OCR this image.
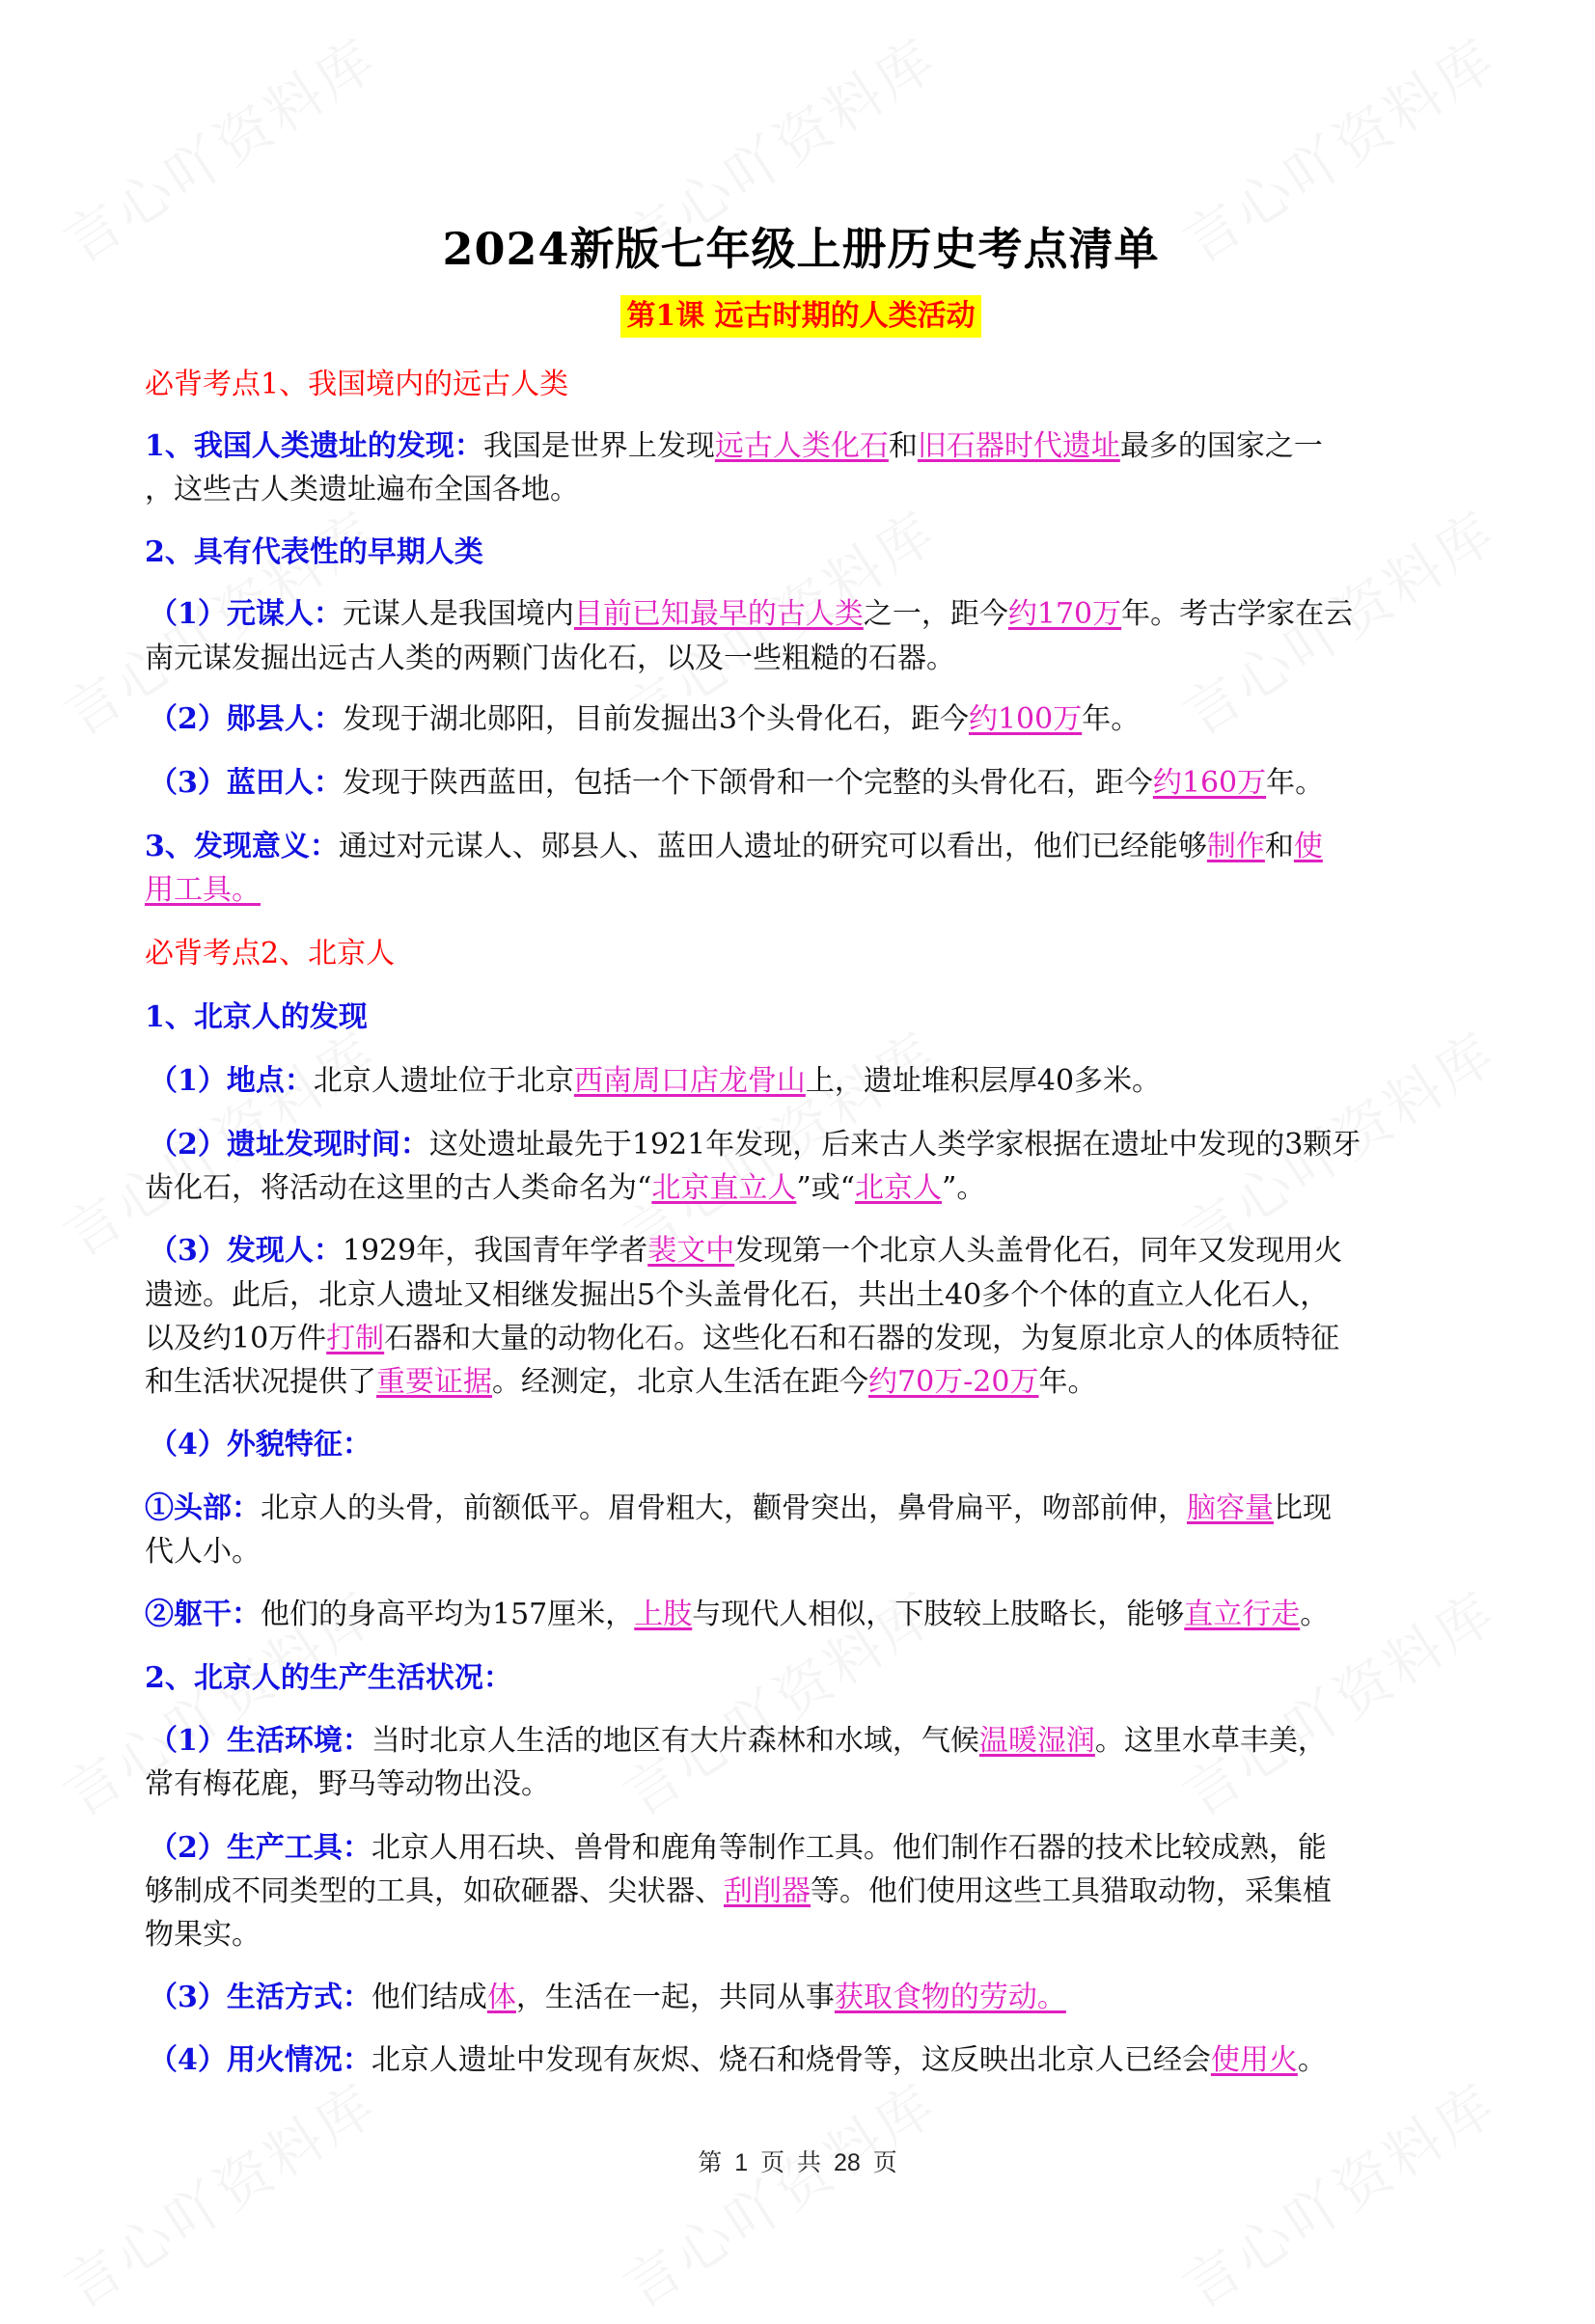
2024新版七年级上册历史考点清单
第1课 远古时期的人类活动
必背考点1、我国境内的远古人类
1、我国人类遗址的发现：我国是世界上发现远古人类化石和旧石器时代遗址最多的国家之一
，这些古人类遗址遍布全国各地。
2、具有代表性的早期人类
（1）元谋人：元谋人是我国境内目前已知最早的古人类之一，距今约170万年。考古学家在云
南元谋发掘出远古人类的两颗门齿化石，以及一些粗糙的石器。
（2）郧县人：发现于湖北郧阳，目前发掘出3个头骨化石，距今约100万年。
（3）蓝田人：发现于陕西蓝田，包括一个下颌骨和一个完整的头骨化石，距今约160万年。
3、发现意义：通过对元谋人、郧县人、蓝田人遗址的研究可以看出，他们已经能够制作和使
用工具。
必背考点2、北京人
1、北京人的发现
（1）地点：北京人遗址位于北京西南周口店龙骨山上，遗址堆积层厚40多米。
（2）遗址发现时间：这处遗址最先于1921年发现，后来古人类学家根据在遗址中发现的3颗牙
齿化石，将活动在这里的古人类命名为“北京直立人”或“北京人”。
（3）发现人：1929年，我国青年学者裴文中发现第一个北京人头盖骨化石，同年又发现用火
遗迹。此后，北京人遗址又相继发掘出5个头盖骨化石，共出土40多个个体的直立人化石人，
以及约10万件打制石器和大量的动物化石。这些化石和石器的发现，为复原北京人的体质特征
和生活状况提供了重要证据。经测定，北京人生活在距今约70万-20万年。
（4）外貌特征：
①头部：北京人的头骨，前额低平。眉骨粗大，颧骨突出，鼻骨扁平，吻部前伸，脑容量比现
代人小。
②躯干：他们的身高平均为157厘米，上肢与现代人相似，下肢较上肢略长，能够直立行走。
2、北京人的生产生活状况：
（1）生活环境：当时北京人生活的地区有大片森林和水域，气候温暖湿润。这里水草丰美，
常有梅花鹿，野马等动物出没。
（2）生产工具：北京人用石块、兽骨和鹿角等制作工具。他们制作石器的技术比较成熟，能
够制成不同类型的工具，如砍砸器、尖状器、刮削器等。他们使用这些工具猎取动物，采集植
物果实。
（3）生活方式：他们结成体，生活在一起，共同从事获取食物的劳动。
（4）用火情况：北京人遗址中发现有灰烬、烧石和烧骨等，这反映出北京人已经会使用火。
第 1 页 共 28 页
